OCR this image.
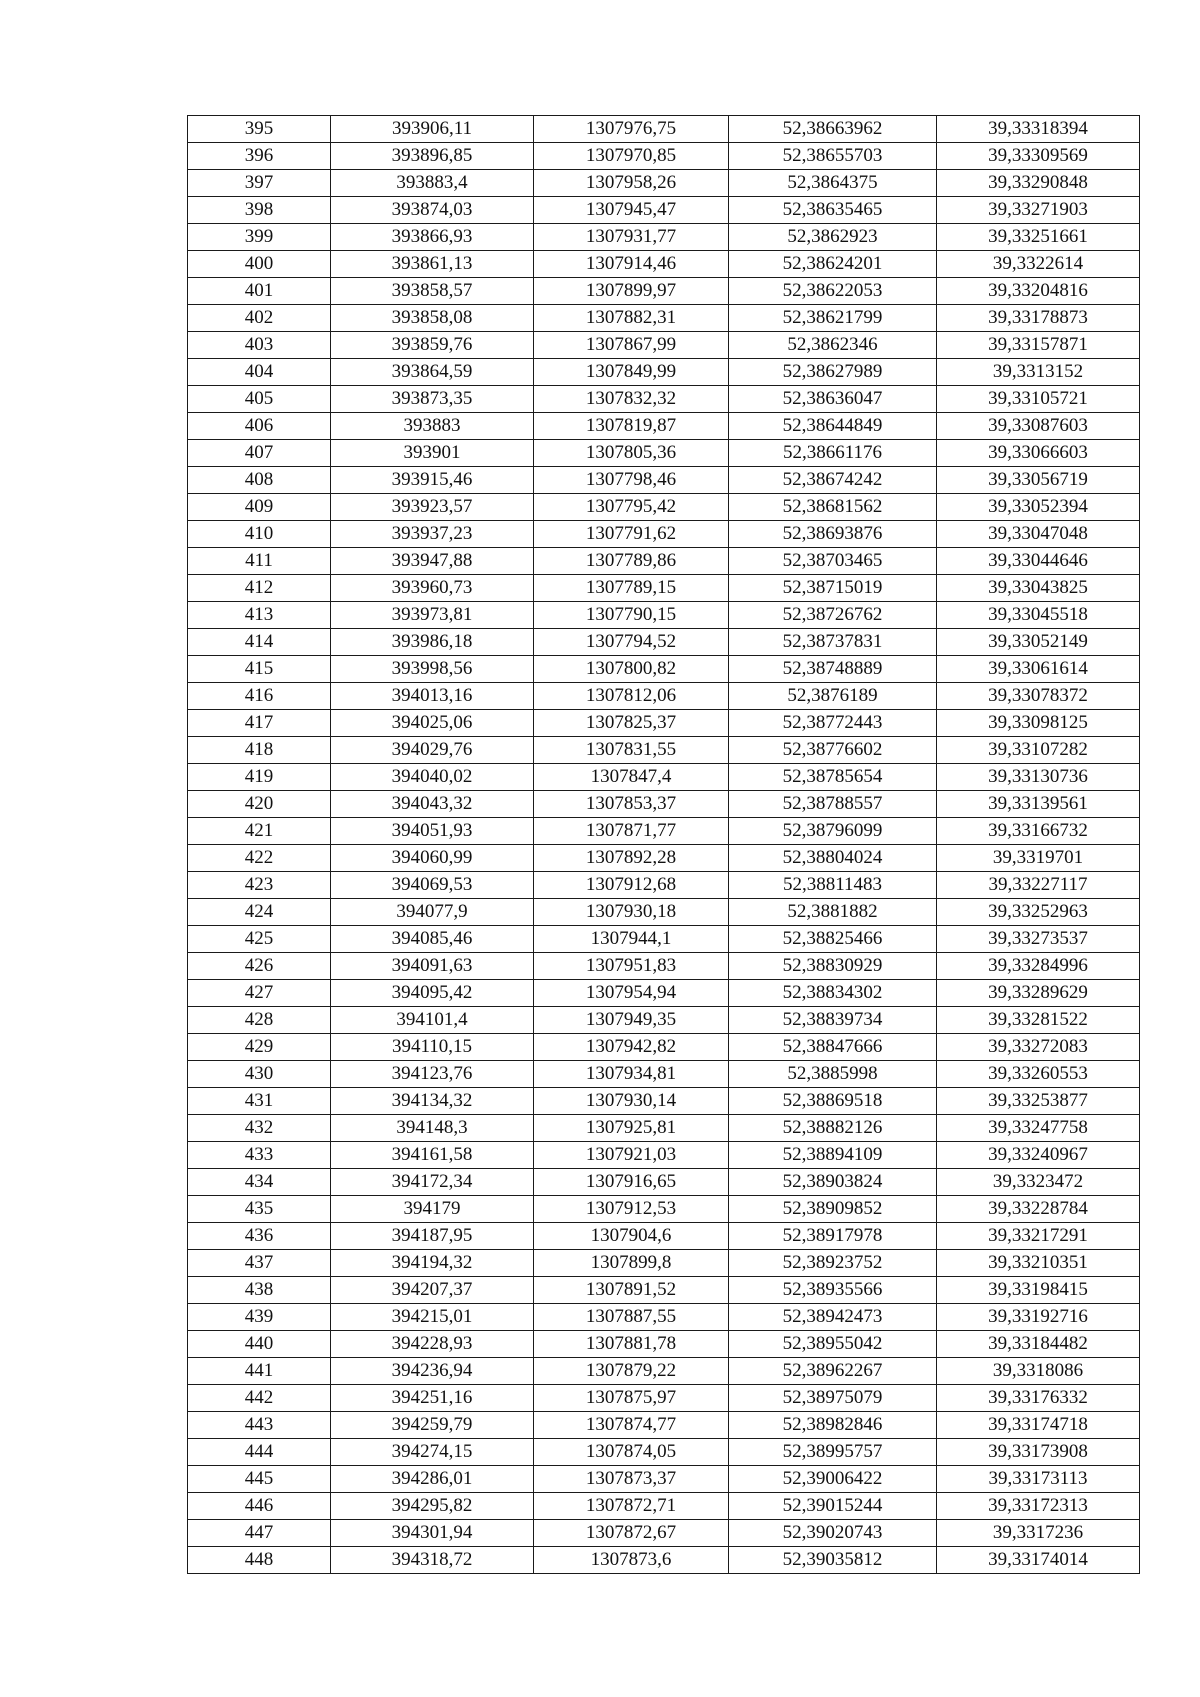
395	393906,11	1307976,75	52,38663962	39,33318394
396	393896,85	1307970,85	52,38655703	39,33309569
397	393883,4	1307958,26	52,3864375	39,33290848
398	393874,03	1307945,47	52,38635465	39,33271903
399	393866,93	1307931,77	52,3862923	39,33251661
400	393861,13	1307914,46	52,38624201	39,3322614
401	393858,57	1307899,97	52,38622053	39,33204816
402	393858,08	1307882,31	52,38621799	39,33178873
403	393859,76	1307867,99	52,3862346	39,33157871
404	393864,59	1307849,99	52,38627989	39,3313152
405	393873,35	1307832,32	52,38636047	39,33105721
406	393883	1307819,87	52,38644849	39,33087603
407	393901	1307805,36	52,38661176	39,33066603
408	393915,46	1307798,46	52,38674242	39,33056719
409	393923,57	1307795,42	52,38681562	39,33052394
410	393937,23	1307791,62	52,38693876	39,33047048
411	393947,88	1307789,86	52,38703465	39,33044646
412	393960,73	1307789,15	52,38715019	39,33043825
413	393973,81	1307790,15	52,38726762	39,33045518
414	393986,18	1307794,52	52,38737831	39,33052149
415	393998,56	1307800,82	52,38748889	39,33061614
416	394013,16	1307812,06	52,3876189	39,33078372
417	394025,06	1307825,37	52,38772443	39,33098125
418	394029,76	1307831,55	52,38776602	39,33107282
419	394040,02	1307847,4	52,38785654	39,33130736
420	394043,32	1307853,37	52,38788557	39,33139561
421	394051,93	1307871,77	52,38796099	39,33166732
422	394060,99	1307892,28	52,38804024	39,3319701
423	394069,53	1307912,68	52,38811483	39,33227117
424	394077,9	1307930,18	52,3881882	39,33252963
425	394085,46	1307944,1	52,38825466	39,33273537
426	394091,63	1307951,83	52,38830929	39,33284996
427	394095,42	1307954,94	52,38834302	39,33289629
428	394101,4	1307949,35	52,38839734	39,33281522
429	394110,15	1307942,82	52,38847666	39,33272083
430	394123,76	1307934,81	52,3885998	39,33260553
431	394134,32	1307930,14	52,38869518	39,33253877
432	394148,3	1307925,81	52,38882126	39,33247758
433	394161,58	1307921,03	52,38894109	39,33240967
434	394172,34	1307916,65	52,38903824	39,3323472
435	394179	1307912,53	52,38909852	39,33228784
436	394187,95	1307904,6	52,38917978	39,33217291
437	394194,32	1307899,8	52,38923752	39,33210351
438	394207,37	1307891,52	52,38935566	39,33198415
439	394215,01	1307887,55	52,38942473	39,33192716
440	394228,93	1307881,78	52,38955042	39,33184482
441	394236,94	1307879,22	52,38962267	39,3318086
442	394251,16	1307875,97	52,38975079	39,33176332
443	394259,79	1307874,77	52,38982846	39,33174718
444	394274,15	1307874,05	52,38995757	39,33173908
445	394286,01	1307873,37	52,39006422	39,33173113
446	394295,82	1307872,71	52,39015244	39,33172313
447	394301,94	1307872,67	52,39020743	39,3317236
448	394318,72	1307873,6	52,39035812	39,33174014
